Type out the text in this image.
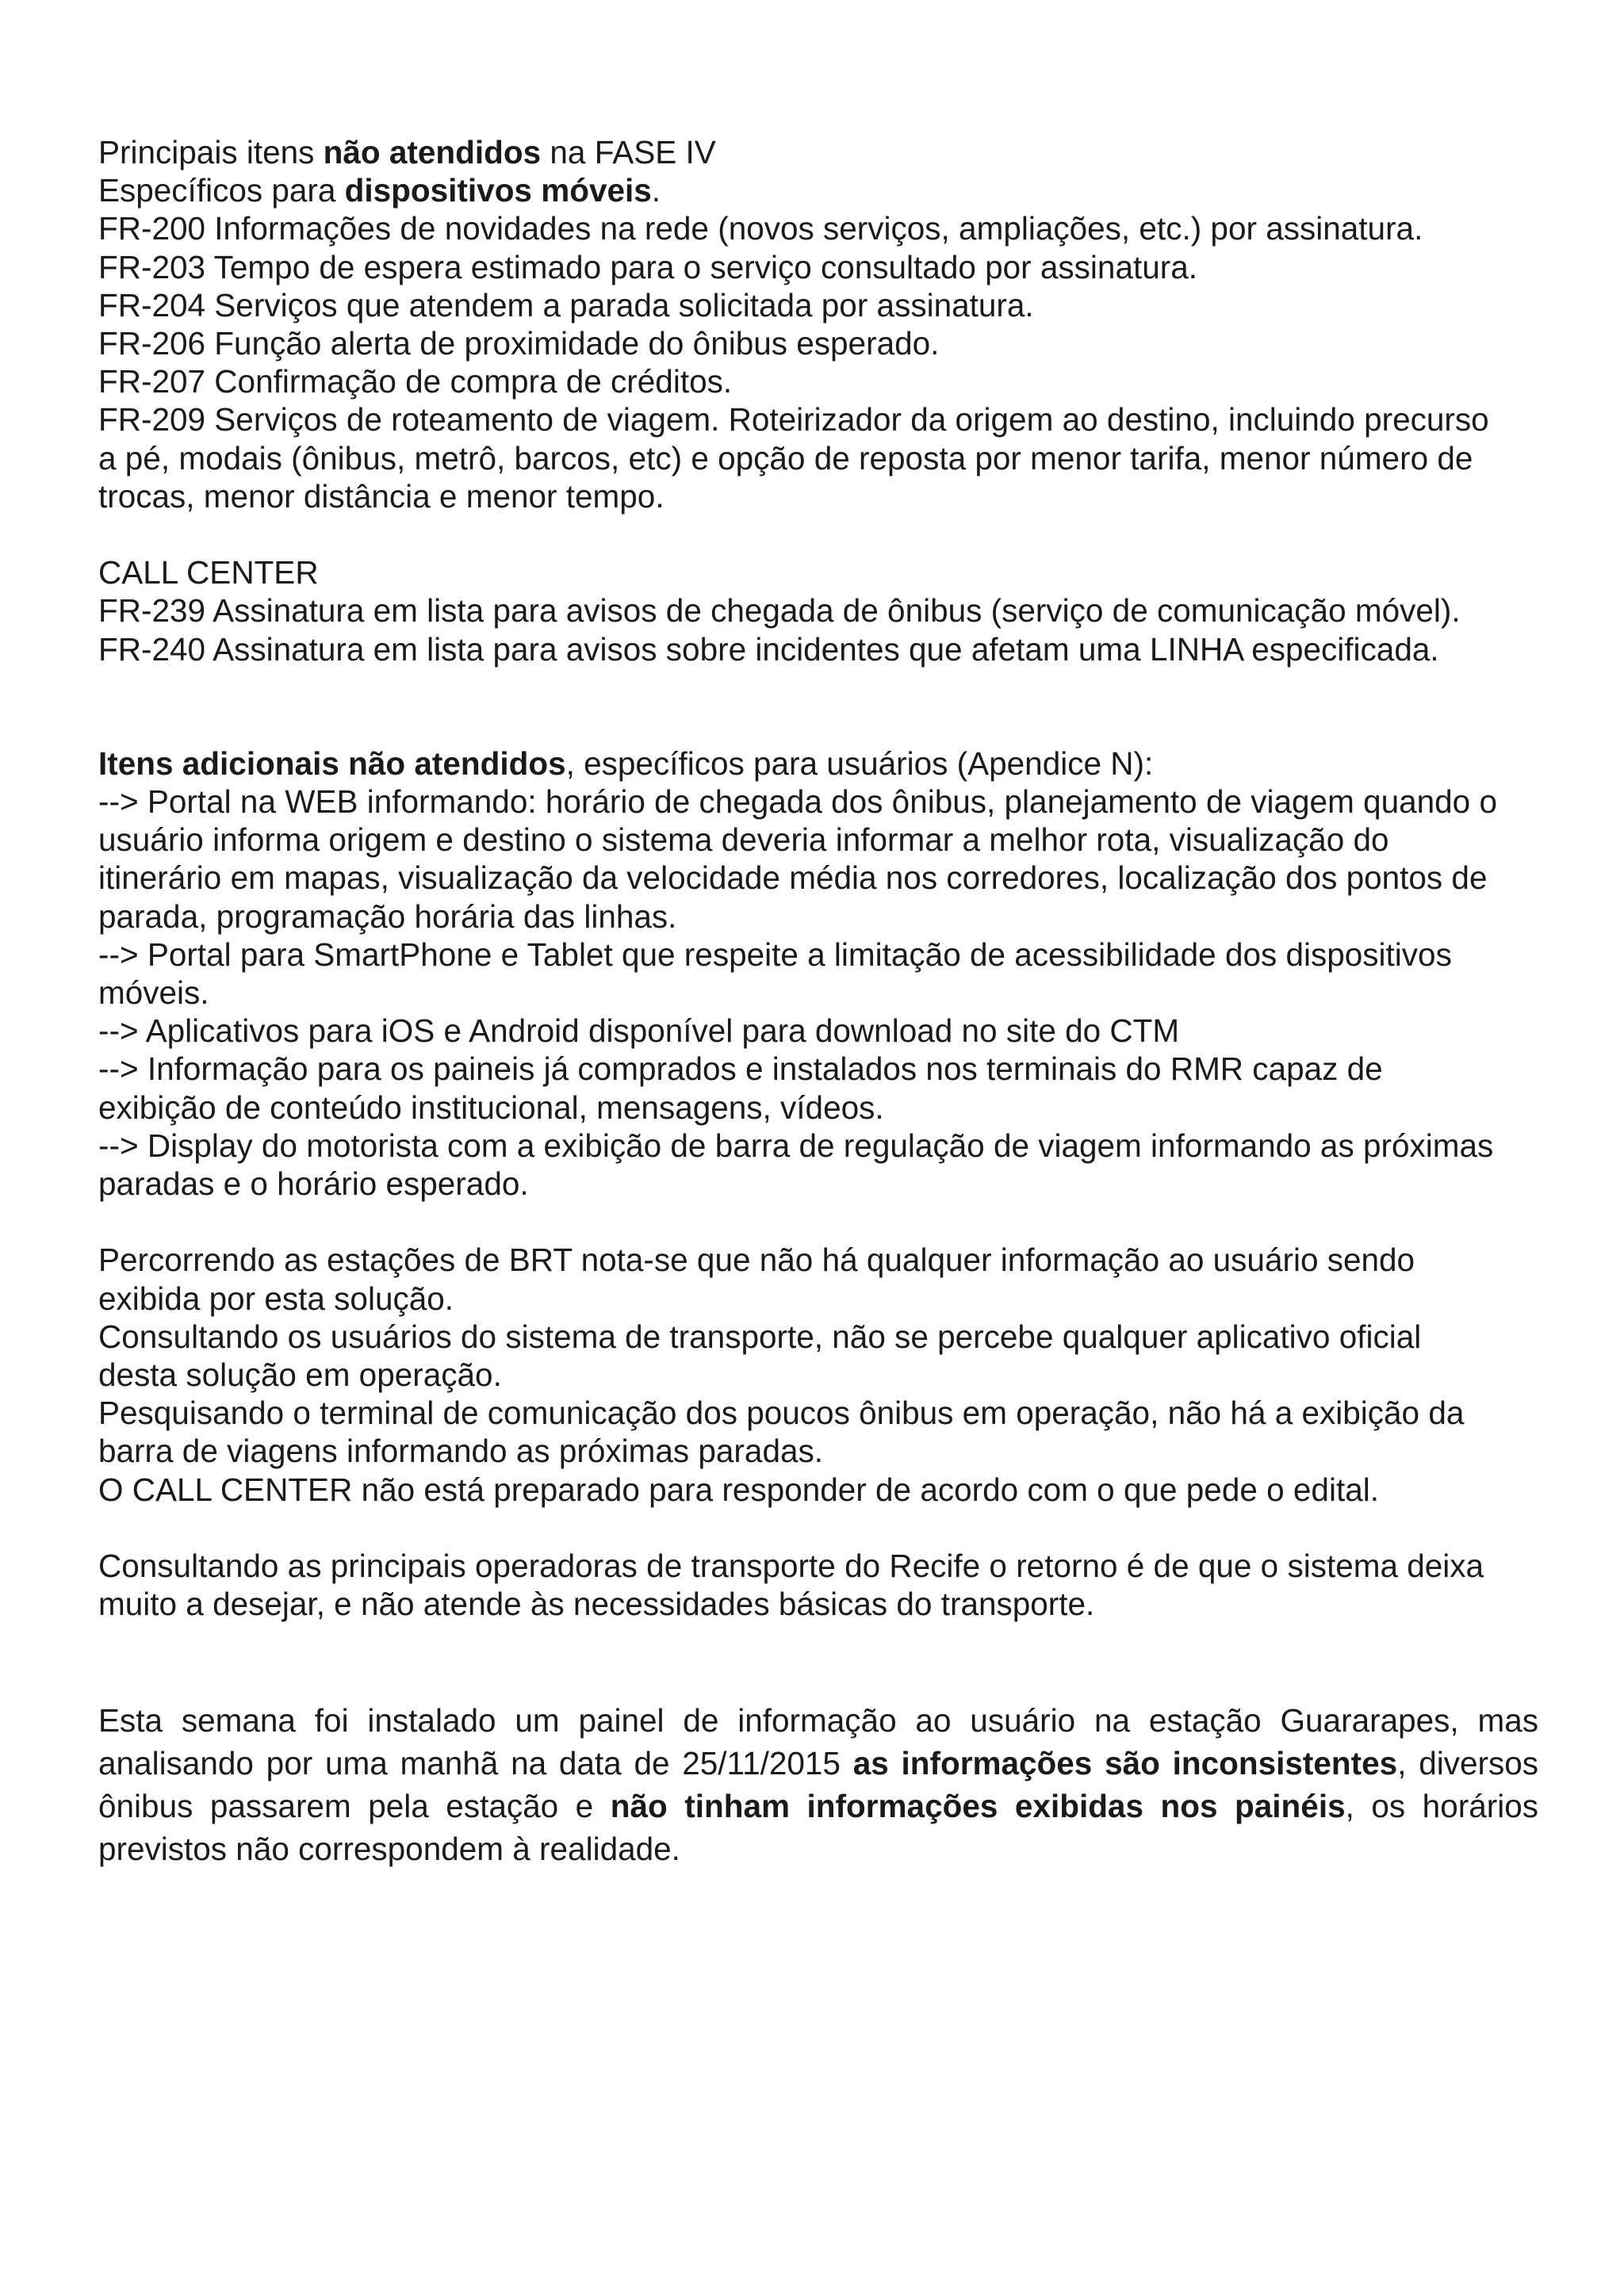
Principais itens não atendidos na FASE IV
Específicos para dispositivos móveis.
FR-200 Informações de novidades na rede (novos serviços, ampliações, etc.) por assinatura.
FR-203 Tempo de espera estimado para o serviço consultado por assinatura.
FR-204 Serviços que atendem a parada solicitada por assinatura.
FR-206 Função alerta de proximidade do ônibus esperado.
FR-207 Confirmação de compra de créditos.
FR-209 Serviços de roteamento de viagem. Roteirizador da origem ao destino, incluindo precurso
a pé, modais (ônibus, metrô, barcos, etc) e opção de reposta por menor tarifa, menor número de
trocas, menor distância e menor tempo.
CALL CENTER
FR-239 Assinatura em lista para avisos de chegada de ônibus (serviço de comunicação móvel).
FR-240 Assinatura em lista para avisos sobre incidentes que afetam uma LINHA especificada.
Itens adicionais não atendidos, específicos para usuários (Apendice N):
--> Portal na WEB informando: horário de chegada dos ônibus, planejamento de viagem quando o
usuário informa origem e destino o sistema deveria informar a melhor rota, visualização do
itinerário em mapas, visualização da velocidade média nos corredores, localização dos pontos de
parada, programação horária das linhas.
--> Portal para SmartPhone e Tablet que respeite a limitação de acessibilidade dos dispositivos
móveis.
--> Aplicativos para iOS e Android disponível para download no site do CTM
--> Informação para os paineis já comprados e instalados nos terminais do RMR capaz de
exibição de conteúdo institucional, mensagens, vídeos.
--> Display do motorista com a exibição de barra de regulação de viagem informando as próximas
paradas e o horário esperado.
Percorrendo as estações de BRT nota-se que não há qualquer informação ao usuário sendo
exibida por esta solução.
Consultando os usuários do sistema de transporte, não se percebe qualquer aplicativo oficial
desta solução em operação.
Pesquisando o terminal de comunicação dos poucos ônibus em operação, não há a exibição da
barra de viagens informando as próximas paradas.
O CALL CENTER não está preparado para responder de acordo com o que pede o edital.
Consultando as principais operadoras de transporte do Recife o retorno é de que o sistema deixa
muito a desejar, e não atende às necessidades básicas do transporte.

Esta semana foi instalado um painel de informação ao usuário na estação Guararapes, mas analisando por uma manhã na data de 25/11/2015 as informações são inconsistentes, diversos ônibus passarem pela estação e não tinham informações exibidas nos painéis, os horários previstos não correspondem à realidade.
